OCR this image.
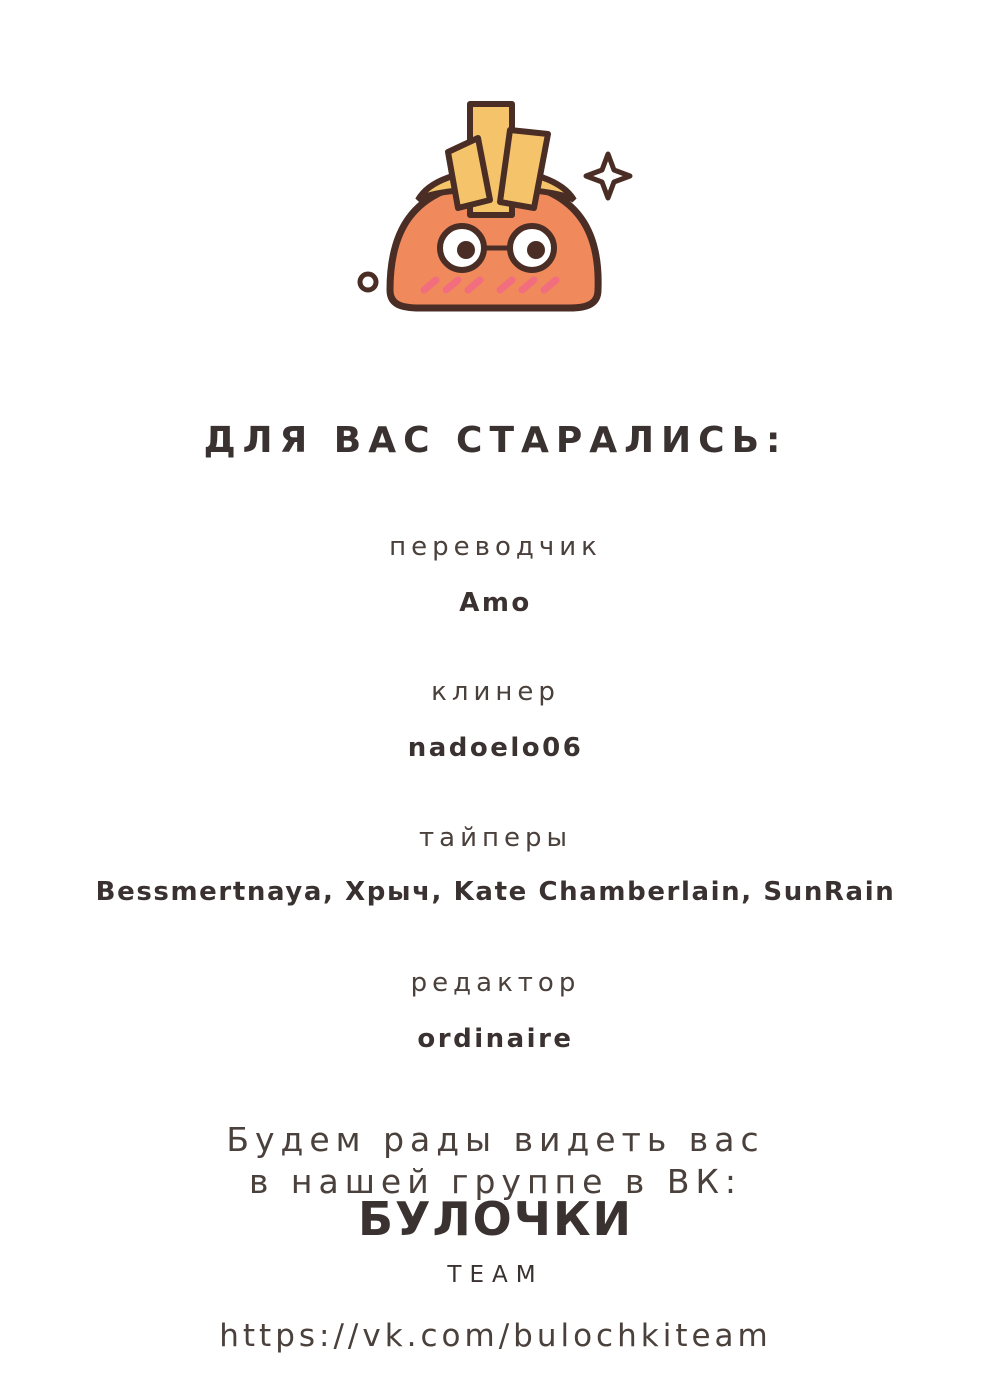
ДЛЯ ВАС СТАРАЛИСЬ:
переводчик
Amo
клинер
nadoelo06
тайперы
Bessmertnaya, Хрыч, Kate Chamberlain, SunRain
редактор
ordinaire
Будем рады видеть вас
в нашей группе в ВК:
БУЛОЧКИ
TEAM
https://vk.com/bulochkiteam
